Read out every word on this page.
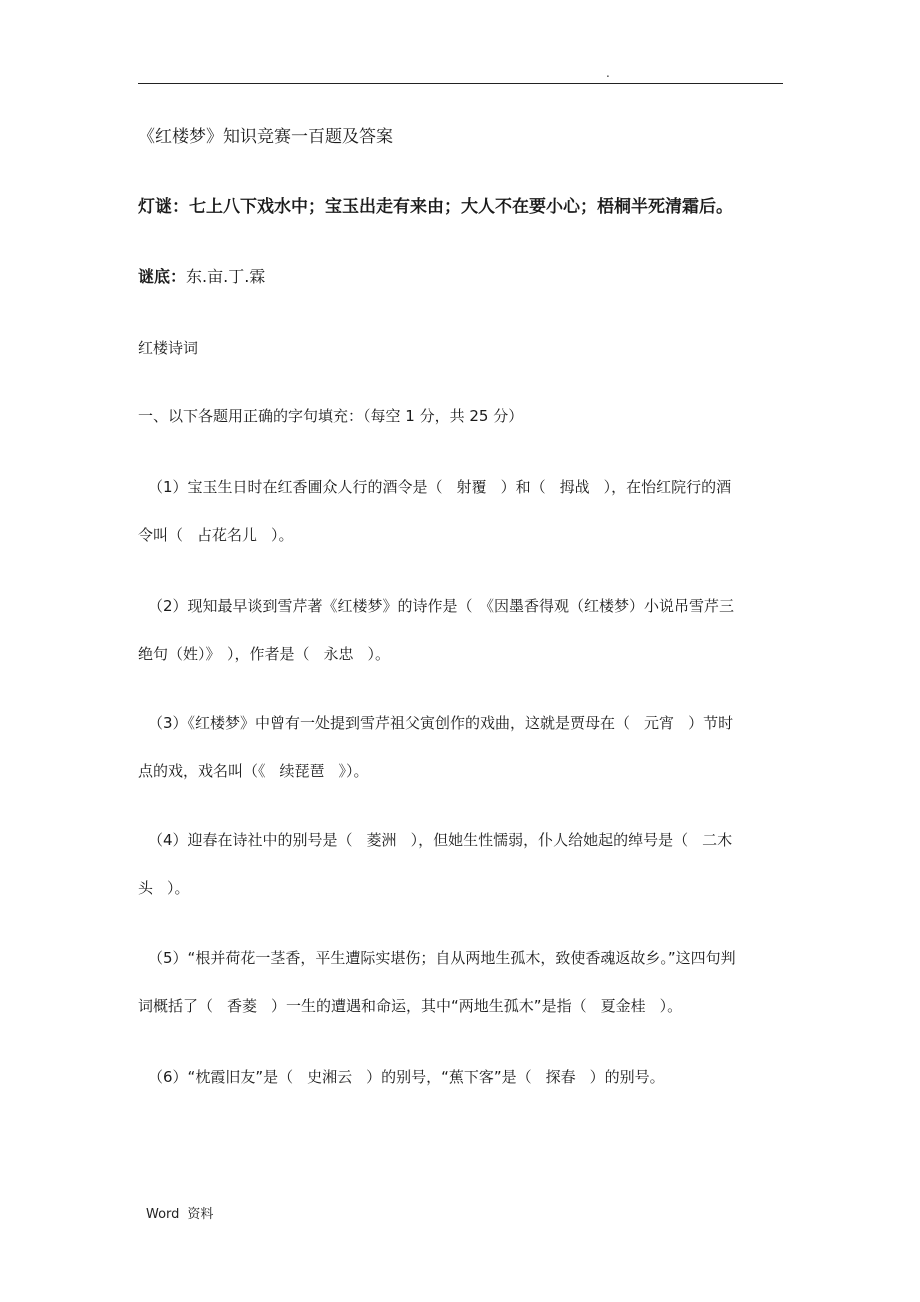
.
《红楼梦》知识竞赛一百题及答案
灯谜：七上八下戏水中；宝玉出走有来由；大人不在要小心；梧桐半死清霜后。
谜底：东.亩.丁.霖
红楼诗词
一、以下各题用正确的字句填充：（每空 1 分，共 25 分）
（1）宝玉生日时在红香圃众人行的酒令是（ 射覆 ）和（ 拇战 ），在怡红院行的酒
令叫（ 占花名儿 ）。
（2）现知最早谈到雪芹著《红楼梦》的诗作是（ 《因墨香得观（红楼梦）小说吊雪芹三
绝句（姓）》 ），作者是（ 永忠 ）。
（3）《红楼梦》中曾有一处提到雪芹祖父寅创作的戏曲，这就是贾母在（ 元宵 ）节时
点的戏，戏名叫（《 续琵琶 》）。
（4）迎春在诗社中的别号是（ 菱洲 ），但她生性懦弱，仆人给她起的绰号是（ 二木
头 ）。
（5）“根并荷花一茎香，平生遭际实堪伤；自从两地生孤木，致使香魂返故乡。”这四句判
词概括了（ 香菱 ）一生的遭遇和命运，其中“两地生孤木”是指（ 夏金桂 ）。
（6）“枕霞旧友”是（ 史湘云 ）的别号，“蕉下客”是（ 探春 ）的别号。
Word 资料
